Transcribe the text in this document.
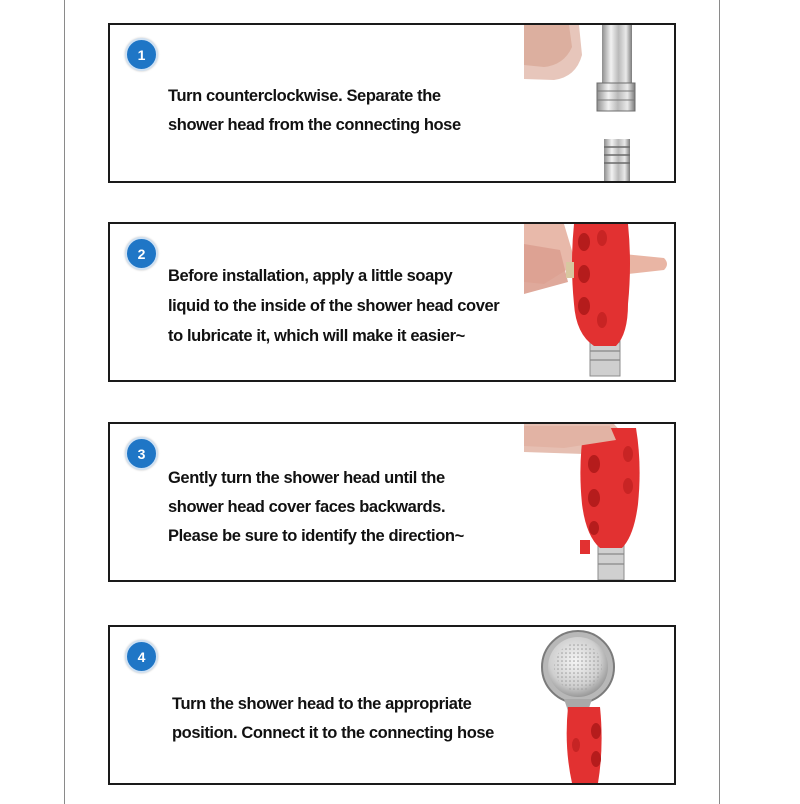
1
Turn counterclockwise. Separate the
shower head from the connecting hose
2
Before installation, apply a little soapy
liquid to the inside of the shower head cover
to lubricate it, which will make it easier~
3
Gently turn the shower head until the
shower head cover faces backwards.
Please be sure to identify the direction~
4
Turn the shower head to the appropriate
position. Connect it to the connecting hose
